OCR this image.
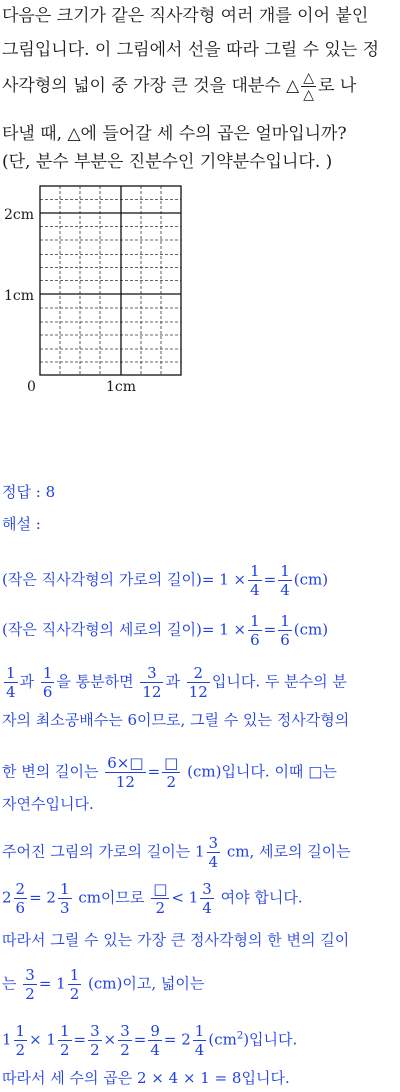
다음은 크기가 같은 직사각형 여러 개를 이어 붙인
그림입니다. 이 그림에서 선을 따라 그릴 수 있는 정
사각형의 넓이 중 가장 큰 것을 대분수 △ $\frac{\triangle}{\triangle}$ 로 나
타낼 때, △에 들어갈 세 수의 곱은 얼마입니까?
(단, 분수 부분은 진분수인 기약분수입니다. )
2cm
1cm
0	1cm
정답 : 8
해설 :
(작은 직사각형의 가로의 길이)= $1 \times \frac{1}{4} = \frac{1}{4} (cm)$
(작은 직사각형의 세로의 길이)= $1 \times \frac{1}{6} = \frac{1}{6} (cm)$
$\frac{1}{4}$ 과 $\frac{1}{6}$ 을 통분하면 $\frac{3}{12}$ 과 $\frac{2}{12}$ 입니다. 두 분수의 분
자의 최소공배수는 6이므로, 그릴 수 있는 정사각형의
한 변의 길이는 $\frac{6\times□}{12} = \frac{□}{2} (cm)$입니다. 이때 □는
자연수입니다.
주어진 그림의 가로의 길이는 $1 \frac{3}{4}$ cm, 세로의 길이는
$2 \frac{2}{6} = 2 \frac{1}{3}$ cm이므로 $\frac{□}{2} < 1 \frac{3}{4}$ 여야 합니다.
따라서 그릴 수 있는 가장 큰 정사각형의 한 변의 길이
는 $\frac{3}{2} = 1 \frac{1}{2} (cm)$이고, 넓이는
$1 \frac{1}{2} \times 1 \frac{1}{2} = \frac{3}{2} \times \frac{3}{2} = \frac{9}{4} = 2 \frac{1}{4} (cm^2)$입니다.
따라서 세 수의 곱은 2 × 4 × 1 = 8입니다.
